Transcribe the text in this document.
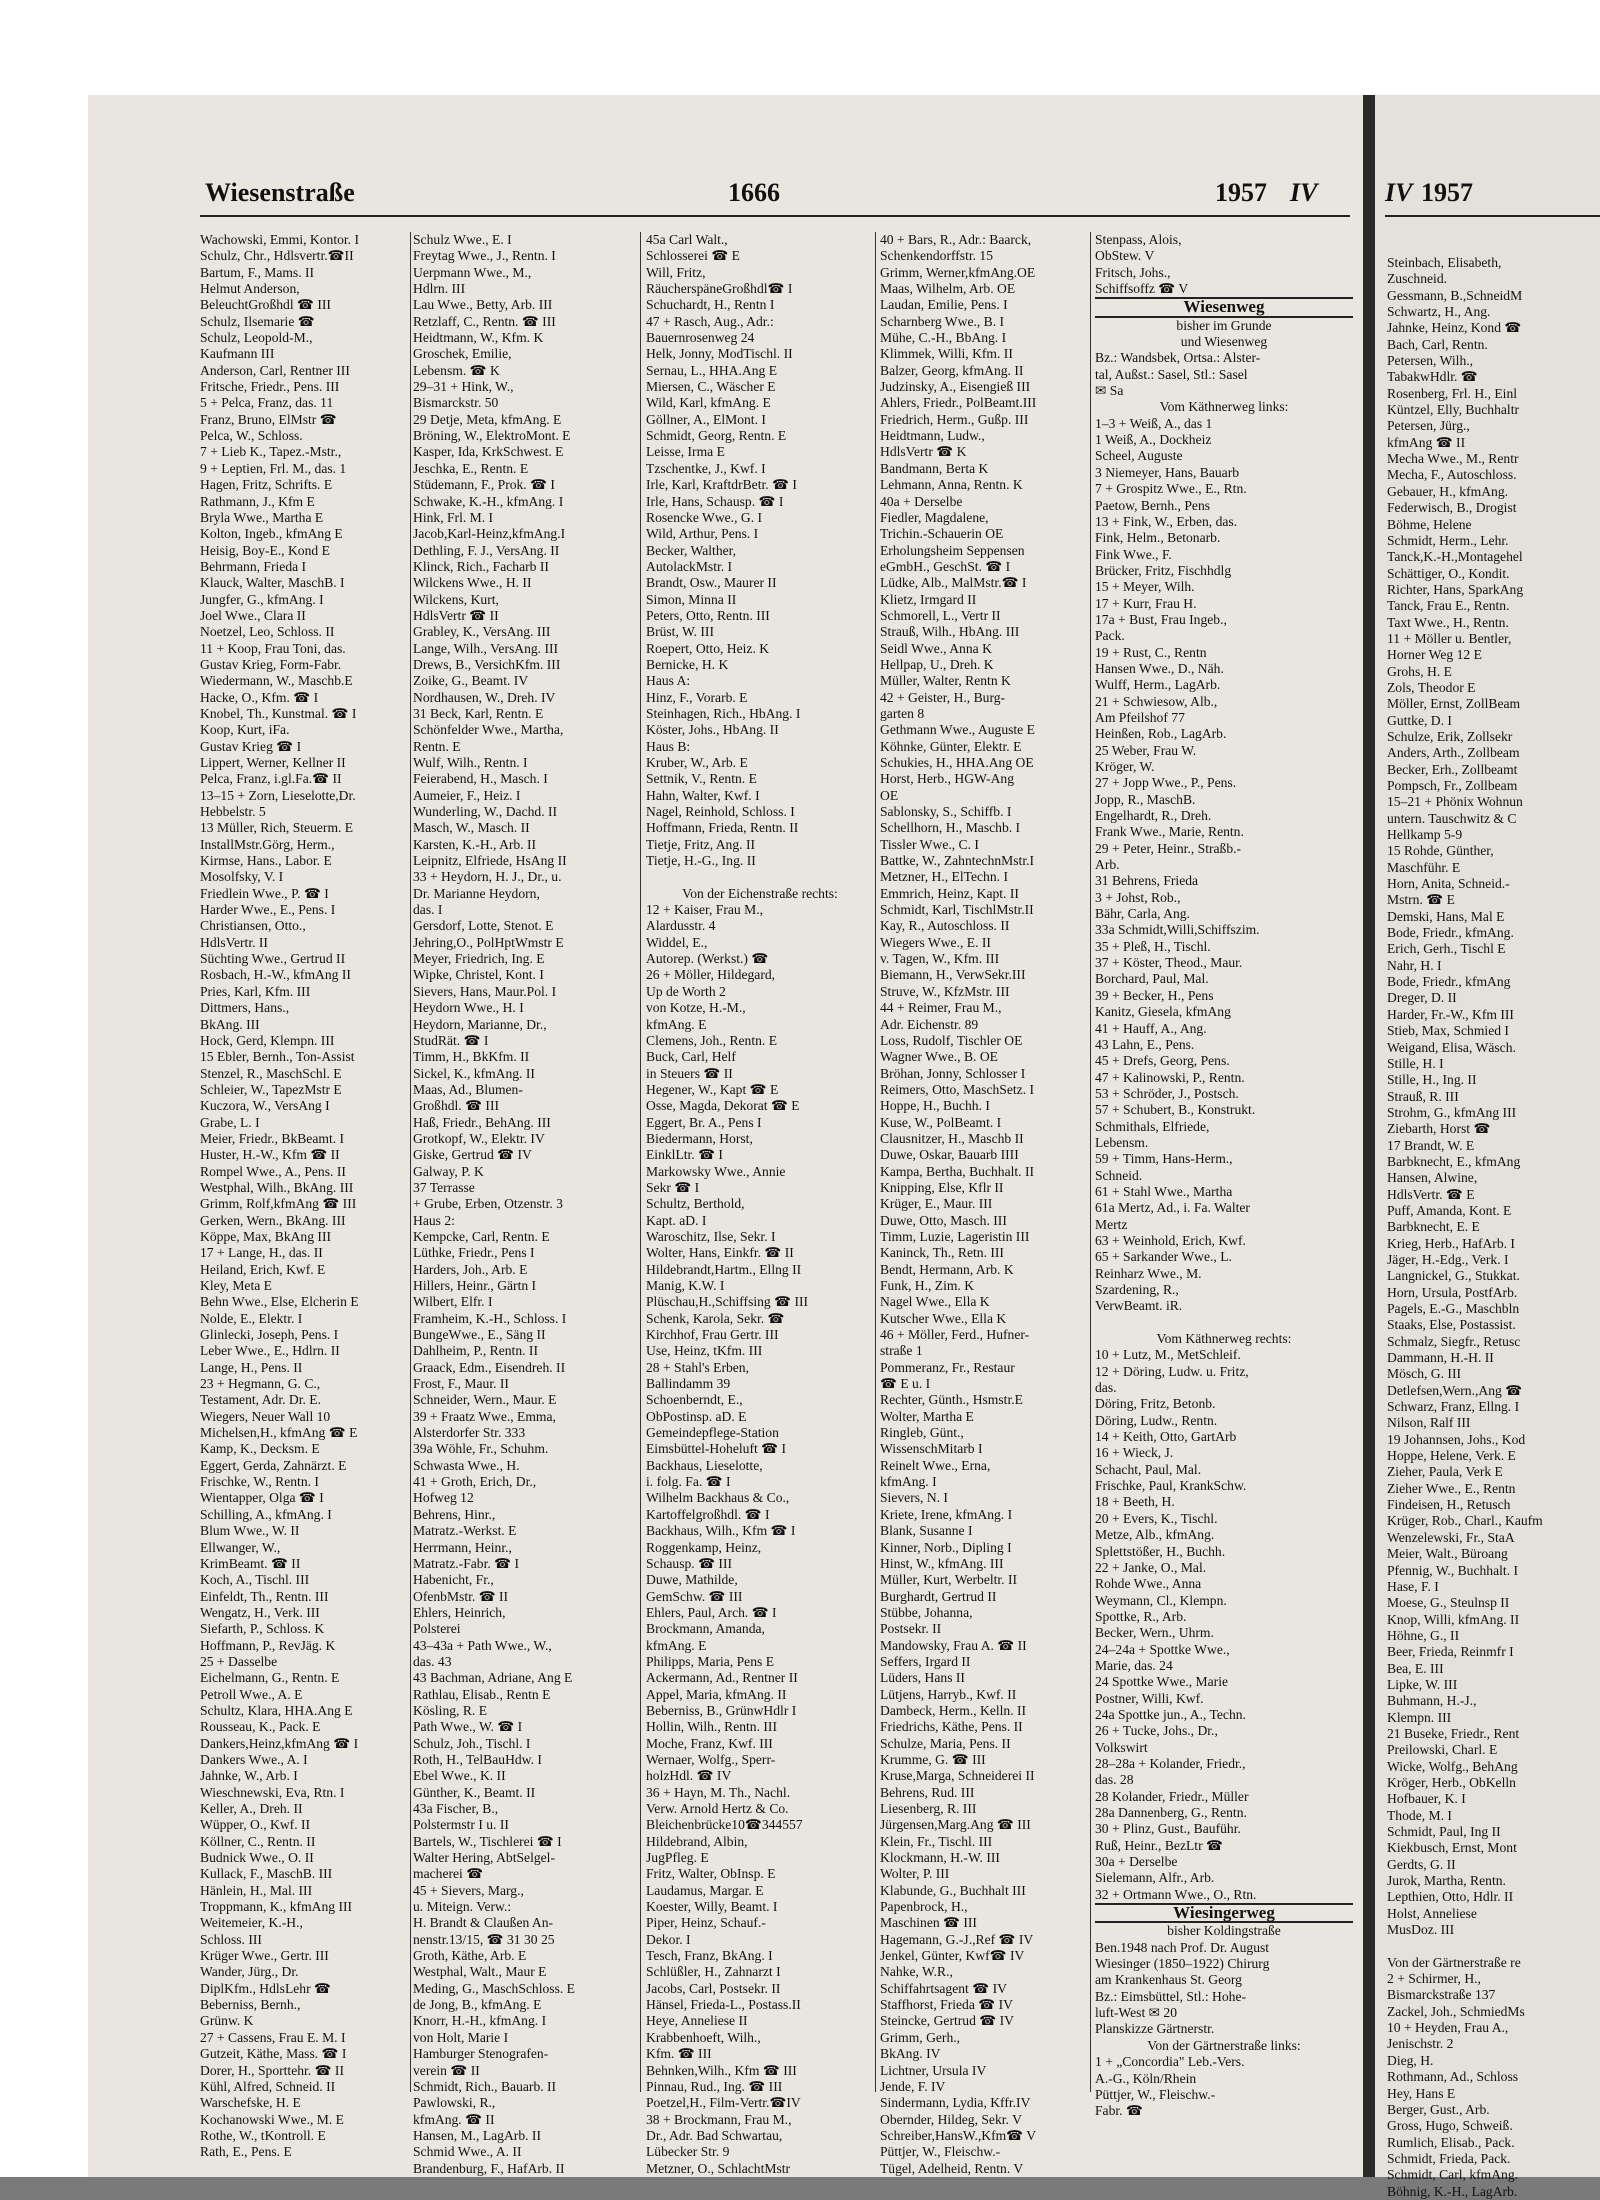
IV 1957
Steinbach, Elisabeth,
Zuschneid.
Gessmann, B.,SchneidM
Schwartz, H., Ang.
Jahnke, Heinz, Kond ☎
Bach, Carl, Rentn.
Petersen, Wilh.,
TabakwHdlr. ☎
Rosenberg, Frl. H., Einl
Küntzel, Elly, Buchhaltr
Petersen, Jürg.,
kfmAng ☎ II
Mecha Wwe., M., Rentr
Mecha, F., Autoschloss.
Gebauer, H., kfmAng.
Federwisch, B., Drogist
Böhme, Helene
Schmidt, Herm., Lehr.
Tanck,K.-H.,Montagehel
Schättiger, O., Kondit.
Richter, Hans, SparkAng
Tanck, Frau E., Rentn.
Taxt Wwe., H., Rentn.
11 + Möller u. Bentler,
Horner Weg 12 E
Grohs, H. E
Zols, Theodor E
Möller, Ernst, ZollBeam
Guttke, D. I
Schulze, Erik, Zollsekr
Anders, Arth., Zollbeam
Becker, Erh., Zollbeamt
Pompsch, Fr., Zollbeam
15–21 + Phönix Wohnun
untern. Tauschwitz & C
Hellkamp 5-9
15 Rohde, Günther,
Maschführ. E
Horn, Anita, Schneid.-
Mstrn. ☎ E
Demski, Hans, Mal E
Bode, Friedr., kfmAng.
Erich, Gerh., Tischl E
Nahr, H. I
Bode, Friedr., kfmAng
Dreger, D. II
Harder, Fr.-W., Kfm III
Stieb, Max, Schmied I
Weigand, Elisa, Wäsch.
Stille, H. I
Stille, H., Ing. II
Strauß, R. III
Strohm, G., kfmAng III
Ziebarth, Horst ☎
17 Brandt, W. E
Barbknecht, E., kfmAng
Hansen, Alwine,
HdlsVertr. ☎ E
Puff, Amanda, Kont. E
Barbknecht, E. E
Krieg, Herb., HafArb. I
Jäger, H.-Edg., Verk. I
Langnickel, G., Stukkat.
Horn, Ursula, PostfArb.
Pagels, E.-G., Maschbln
Staaks, Else, Postassist.
Schmalz, Siegfr., Retusc
Dammann, H.-H. II
Mösch, G. III
Detlefsen,Wern.,Ang ☎
Schwarz, Franz, Ellng. I
Nilson, Ralf III
19 Johannsen, Johs., Kod
Hoppe, Helene, Verk. E
Zieher, Paula, Verk E
Zieher Wwe., E., Rentn
Findeisen, H., Retusch
Krüger, Rob., Charl., Kaufm
Wenzelewski, Fr., StaA
Meier, Walt., Büroang
Pfennig, W., Buchhalt. I
Hase, F. I
Moese, G., Steulnsp II
Knop, Willi, kfmAng. II
Höhne, G., II
Beer, Frieda, Reinmfr I
Bea, E. III
Lipke, W. III
Buhmann, H.-J.,
Klempn. III
21 Buseke, Friedr., Rent
Preilowski, Charl. E
Wicke, Wolfg., BehAng
Kröger, Herb., ObKelln
Hofbauer, K. I
Thode, M. I
Schmidt, Paul, Ing II
Kiekbusch, Ernst, Mont
Gerdts, G. II
Jurok, Martha, Rentn.
Lepthien, Otto, Hdlr. II
Holst, Anneliese
MusDoz. III
Von der Gärtnerstraße re
2 + Schirmer, H.,
Bismarckstraße 137
Zackel, Joh., SchmiedMs
10 + Heyden, Frau A.,
Jenischstr. 2
Dieg, H.
Rothmann, Ad., Schloss
Hey, Hans E
Berger, Gust., Arb.
Gross, Hugo, Schweiß.
Rumlich, Elisab., Pack.
Schmidt, Frieda, Pack.
Schmidt, Carl, kfmAng.
Böhnig, K.-H., LagArb.
Wiesenstraße	1666	1957 IV
Wachowski, Emmi, Kontor. I
Schulz, Chr., Hdlsvertr.☎II
Bartum, F., Mams. II
Helmut Anderson,
BeleuchtGroßhdl ☎ III
Schulz, Ilsemarie ☎
Schulz, Leopold-M.,
Kaufmann III
Anderson, Carl, Rentner III
Fritsche, Friedr., Pens. III
5 + Pelca, Franz, das. 11
Franz, Bruno, ElMstr ☎
Pelca, W., Schloss.
7 + Lieb K., Tapez.-Mstr.,
9 + Leptien, Frl. M., das. 1
Hagen, Fritz, Schrifts. E
Rathmann, J., Kfm E
Bryla Wwe., Martha E
Kolton, Ingeb., kfmAng E
Heisig, Boy-E., Kond E
Behrmann, Frieda I
Klauck, Walter, MaschB. I
Jungfer, G., kfmAng. I
Joel Wwe., Clara II
Noetzel, Leo, Schloss. II
11 + Koop, Frau Toni, das.
Gustav Krieg, Form-Fabr.
Wiedermann, W., Maschb.E
Hacke, O., Kfm. ☎ I
Knobel, Th., Kunstmal. ☎ I
Koop, Kurt, iFa.
Gustav Krieg ☎ I
Lippert, Werner, Kellner II
Pelca, Franz, i.gl.Fa.☎ II
13–15 + Zorn, Lieselotte,Dr.
Hebbelstr. 5
13 Müller, Rich, Steuerm. E
InstallMstr.Görg, Herm.,
Kirmse, Hans., Labor. E
Mosolfsky, V. I
Friedlein Wwe., P. ☎ I
Harder Wwe., E., Pens. I
Christiansen, Otto.,
HdlsVertr. II
Süchting Wwe., Gertrud II
Rosbach, H.-W., kfmAng II
Pries, Karl, Kfm. III
Dittmers, Hans.,
BkAng. III
Hock, Gerd, Klempn. III
15 Ebler, Bernh., Ton-Assist
Stenzel, R., MaschSchl. E
Schleier, W., TapezMstr E
Kuczora, W., VersAng I
Grabe, L. I
Meier, Friedr., BkBeamt. I
Huster, H.-W., Kfm ☎ II
Rompel Wwe., A., Pens. II
Westphal, Wilh., BkAng. III
Grimm, Rolf,kfmAng ☎ III
Gerken, Wern., BkAng. III
Köppe, Max, BkAng III
17 + Lange, H., das. II
Heiland, Erich, Kwf. E
Kley, Meta E
Behn Wwe., Else, Elcherin E
Nolde, E., Elektr. I
Glinlecki, Joseph, Pens. I
Leber Wwe., E., Hdlrn. II
Lange, H., Pens. II
23 + Hegmann, G. C.,
Testament, Adr. Dr. E.
Wiegers, Neuer Wall 10
Michelsen,H., kfmAng ☎ E
Kamp, K., Decksm. E
Eggert, Gerda, Zahnärzt. E
Frischke, W., Rentn. I
Wientapper, Olga ☎ I
Schilling, A., kfmAng. I
Blum Wwe., W. II
Ellwanger, W.,
KrimBeamt. ☎ II
Koch, A., Tischl. III
Einfeldt, Th., Rentn. III
Wengatz, H., Verk. III
Siefarth, P., Schloss. K
Hoffmann, P., RevJäg. K
25 + Dasselbe
Eichelmann, G., Rentn. E
Petroll Wwe., A. E
Schultz, Klara, HHA.Ang E
Rousseau, K., Pack. E
Dankers,Heinz,kfmAng ☎ I
Dankers Wwe., A. I
Jahnke, W., Arb. I
Wieschnewski, Eva, Rtn. I
Keller, A., Dreh. II
Wüpper, O., Kwf. II
Köllner, C., Rentn. II
Budnick Wwe., O. II
Kullack, F., MaschB. III
Hänlein, H., Mal. III
Troppmann, K., kfmAng III
Weitemeier, K.-H.,
Schloss. III
Krüger Wwe., Gertr. III
Wander, Jürg., Dr.
DiplKfm., HdlsLehr ☎
Beberniss, Bernh.,
Grünw. K
27 + Cassens, Frau E. M. I
Gutzeit, Käthe, Mass. ☎ I
Dorer, H., Sporttehr. ☎ II
Kühl, Alfred, Schneid. II
Warschefske, H. E
Kochanowski Wwe., M. E
Rothe, W., tKontroll. E
Rath, E., Pens. E
Schulz Wwe., E. I
Freytag Wwe., J., Rentn. I
Uerpmann Wwe., M.,
Hdlrn. III
Lau Wwe., Betty, Arb. III
Retzlaff, C., Rentn. ☎ III
Heidtmann, W., Kfm. K
Groschek, Emilie,
Lebensm. ☎ K
29–31 + Hink, W.,
Bismarckstr. 50
29 Detje, Meta, kfmAng. E
Bröning, W., ElektroMont. E
Kasper, Ida, KrkSchwest. E
Jeschka, E., Rentn. E
Stüdemann, F., Prok. ☎ I
Schwake, K.-H., kfmAng. I
Hink, Frl. M. I
Jacob,Karl-Heinz,kfmAng.I
Dethling, F. J., VersAng. II
Klinck, Rich., Facharb II
Wilckens Wwe., H. II
Wilckens, Kurt,
HdlsVertr ☎ II
Grabley, K., VersAng. III
Lange, Wilh., VersAng. III
Drews, B., VersichKfm. III
Zoike, G., Beamt. IV
Nordhausen, W., Dreh. IV
31 Beck, Karl, Rentn. E
Schönfelder Wwe., Martha,
Rentn. E
Wulf, Wilh., Rentn. I
Feierabend, H., Masch. I
Aumeier, F., Heiz. I
Wunderling, W., Dachd. II
Masch, W., Masch. II
Karsten, K.-H., Arb. II
Leipnitz, Elfriede, HsAng II
33 + Heydorn, H. J., Dr., u.
Dr. Marianne Heydorn,
das. I
Gersdorf, Lotte, Stenot. E
Jehring,O., PolHptWmstr E
Meyer, Friedrich, Ing. E
Wipke, Christel, Kont. I
Sievers, Hans, Maur.Pol. I
Heydorn Wwe., H. I
Heydorn, Marianne, Dr.,
StudRät. ☎ I
Timm, H., BkKfm. II
Sickel, K., kfmAng. II
Maas, Ad., Blumen-
Großhdl. ☎ III
Haß, Friedr., BehAng. III
Grotkopf, W., Elektr. IV
Giske, Gertrud ☎ IV
Galway, P. K
37 Terrasse
+ Grube, Erben, Otzenstr. 3
Haus 2:
Kempcke, Carl, Rentn. E
Lüthke, Friedr., Pens I
Harders, Joh., Arb. E
Hillers, Heinr., Gärtn I
Wilbert, Elfr. I
Framheim, K.-H., Schloss. I
BungeWwe., E., Säng II
Dahlheim, P., Rentn. II
Graack, Edm., Eisendreh. II
Frost, F., Maur. II
Schneider, Wern., Maur. E
39 + Fraatz Wwe., Emma,
Alsterdorfer Str. 333
39a Wöhle, Fr., Schuhm.
Schwasta Wwe., H.
41 + Groth, Erich, Dr.,
Hofweg 12
Behrens, Hinr.,
Matratz.-Werkst. E
Herrmann, Heinr.,
Matratz.-Fabr. ☎ I
Habenicht, Fr.,
OfenbMstr. ☎ II
Ehlers, Heinrich,
Polsterei
43–43a + Path Wwe., W.,
das. 43
43 Bachman, Adriane, Ang E
Rathlau, Elisab., Rentn E
Kösling, R. E
Path Wwe., W. ☎ I
Schulz, Joh., Tischl. I
Roth, H., TelBauHdw. I
Ebel Wwe., K. II
Günther, K., Beamt. II
43a Fischer, B.,
Polstermstr I u. II
Bartels, W., Tischlerei ☎ I
Walter Hering, AbtSelgel-
macherei ☎
45 + Sievers, Marg.,
u. Miteign. Verw.:
H. Brandt & Claußen An-
nenstr.13/15, ☎ 31 30 25
Groth, Käthe, Arb. E
Westphal, Walt., Maur E
Meding, G., MaschSchloss. E
de Jong, B., kfmAng. E
Knorr, H.-H., kfmAng. I
von Holt, Marie I
Hamburger Stenografen-
verein ☎ II
Schmidt, Rich., Bauarb. II
Pawlowski, R.,
kfmAng. ☎ II
Hansen, M., LagArb. II
Schmid Wwe., A. II
Brandenburg, F., HafArb. II
45a Carl Walt.,
Schlosserei ☎ E
Will, Fritz,
RäucherspäneGroßhdl☎ I
Schuchardt, H., Rentn I
47 + Rasch, Aug., Adr.:
Bauernrosenweg 24
Helk, Jonny, ModTischl. II
Sernau, L., HHA.Ang E
Miersen, C., Wäscher E
Wild, Karl, kfmAng. E
Göllner, A., ElMont. I
Schmidt, Georg, Rentn. E
Leisse, Irma E
Tzschentke, J., Kwf. I
Irle, Karl, KraftdrBetr. ☎ I
Irle, Hans, Schausp. ☎ I
Rosencke Wwe., G. I
Wild, Arthur, Pens. I
Becker, Walther,
AutolackMstr. I
Brandt, Osw., Maurer II
Simon, Minna II
Peters, Otto, Rentn. III
Brüst, W. III
Roepert, Otto, Heiz. K
Bernicke, H. K
Haus A:
Hinz, F., Vorarb. E
Steinhagen, Rich., HbAng. I
Köster, Johs., HbAng. II
Haus B:
Kruber, W., Arb. E
Settnik, V., Rentn. E
Hahn, Walter, Kwf. I
Nagel, Reinhold, Schloss. I
Hoffmann, Frieda, Rentn. II
Tietje, Fritz, Ang. II
Tietje, H.-G., Ing. II
Von der Eichenstraße rechts:
12 + Kaiser, Frau M.,
Alardusstr. 4
Widdel, E.,
Autorep. (Werkst.) ☎
26 + Möller, Hildegard,
Up de Worth 2
von Kotze, H.-M.,
kfmAng. E
Clemens, Joh., Rentn. E
Buck, Carl, Helf
in Steuers ☎ II
Hegener, W., Kapt ☎ E
Osse, Magda, Dekorat ☎ E
Eggert, Br. A., Pens I
Biedermann, Horst,
EinklLtr. ☎ I
Markowsky Wwe., Annie
Sekr ☎ I
Schultz, Berthold,
Kapt. aD. I
Waroschitz, Ilse, Sekr. I
Wolter, Hans, Einkfr. ☎ II
Hildebrandt,Hartm., Ellng II
Manig, K.W. I
Plüschau,H.,Schiffsing ☎ III
Schenk, Karola, Sekr. ☎
Kirchhof, Frau Gertr. III
Use, Heinz, tKfm. III
28 + Stahl's Erben,
Ballindamm 39
Schoenberndt, E.,
ObPostinsp. aD. E
Gemeindepflege-Station
Eimsbüttel-Hoheluft ☎ I
Backhaus, Lieselotte,
i. folg. Fa. ☎ I
Wilhelm Backhaus & Co.,
Kartoffelgroßhdl. ☎ I
Backhaus, Wilh., Kfm ☎ I
Roggenkamp, Heinz,
Schausp. ☎ III
Duwe, Mathilde,
GemSchw. ☎ III
Ehlers, Paul, Arch. ☎ I
Brockmann, Amanda,
kfmAng. E
Philipps, Maria, Pens E
Ackermann, Ad., Rentner II
Appel, Maria, kfmAng. II
Beberniss, B., GrünwHdlr I
Hollin, Wilh., Rentn. III
Moche, Franz, Kwf. III
Wernaer, Wolfg., Sperr-
holzHdl. ☎ IV
36 + Hayn, M. Th., Nachl.
Verw. Arnold Hertz & Co.
Bleichenbrücke10☎344557
Hildebrand, Albin,
JugPfleg. E
Fritz, Walter, ObInsp. E
Laudamus, Margar. E
Koester, Willy, Beamt. I
Piper, Heinz, Schauf.-
Dekor. I
Tesch, Franz, BkAng. I
Schlüßler, H., Zahnarzt I
Jacobs, Carl, Postsekr. II
Hänsel, Frieda-L., Postass.II
Heye, Anneliese II
Krabbenhoeft, Wilh.,
Kfm. ☎ III
Behnken,Wilh., Kfm ☎ III
Pinnau, Rud., Ing. ☎ III
Poetzel,H., Film-Vertr.☎IV
38 + Brockmann, Frau M.,
Dr., Adr. Bad Schwartau,
Lübecker Str. 9
Metzner, O., SchlachtMstr
40 + Bars, R., Adr.: Baarck,
Schenkendorffstr. 15
Grimm, Werner,kfmAng.OE
Maas, Wilhelm, Arb. OE
Laudan, Emilie, Pens. I
Scharnberg Wwe., B. I
Mühe, C.-H., BbAng. I
Klimmek, Willi, Kfm. II
Balzer, Georg, kfmAng. II
Judzinsky, A., Eisengieß III
Ahlers, Friedr., PolBeamt.III
Friedrich, Herm., Gußp. III
Heidtmann, Ludw.,
HdlsVertr ☎ K
Bandmann, Berta K
Lehmann, Anna, Rentn. K
40a + Derselbe
Fiedler, Magdalene,
Trichin.-Schauerin OE
Erholungsheim Seppensen
eGmbH., GeschSt. ☎ I
Lüdke, Alb., MalMstr.☎ I
Klietz, Irmgard II
Schmorell, L., Vertr II
Strauß, Wilh., HbAng. III
Seidl Wwe., Anna K
Hellpap, U., Dreh. K
Müller, Walter, Rentn K
42 + Geister, H., Burg-
garten 8
Gethmann Wwe., Auguste E
Köhnke, Günter, Elektr. E
Schukies, H., HHA.Ang OE
Horst, Herb., HGW-Ang
OE
Sablonsky, S., Schiffb. I
Schellhorn, H., Maschb. I
Tissler Wwe., C. I
Battke, W., ZahntechnMstr.I
Metzner, H., ElTechn. I
Emmrich, Heinz, Kapt. II
Schmidt, Karl, TischlMstr.II
Kay, R., Autoschloss. II
Wiegers Wwe., E. II
v. Tagen, W., Kfm. III
Biemann, H., VerwSekr.III
Struve, W., KfzMstr. III
44 + Reimer, Frau M.,
Adr. Eichenstr. 89
Loss, Rudolf, Tischler OE
Wagner Wwe., B. OE
Bröhan, Jonny, Schlosser I
Reimers, Otto, MaschSetz. I
Hoppe, H., Buchh. I
Kuse, W., PolBeamt. I
Clausnitzer, H., Maschb II
Duwe, Oskar, Bauarb IIII
Kampa, Bertha, Buchhalt. II
Knipping, Else, Kflr II
Krüger, E., Maur. III
Duwe, Otto, Masch. III
Timm, Luzie, Lageristin III
Kaninck, Th., Retn. III
Bendt, Hermann, Arb. K
Funk, H., Zim. K
Nagel Wwe., Ella K
Kutscher Wwe., Ella K
46 + Möller, Ferd., Hufner-
straße 1
Pommeranz, Fr., Restaur
☎ E u. I
Rechter, Günth., Hsmstr.E
Wolter, Martha E
Ringleb, Günt.,
WissenschMitarb I
Reinelt Wwe., Erna,
kfmAng. I
Sievers, N. I
Kriete, Irene, kfmAng. I
Blank, Susanne I
Kinner, Norb., Dipling I
Hinst, W., kfmAng. III
Müller, Kurt, Werbeltr. II
Burghardt, Gertrud II
Stübbe, Johanna,
Postsekr. II
Mandowsky, Frau A. ☎ II
Seffers, Irgard II
Lüders, Hans II
Lütjens, Harryb., Kwf. II
Dambeck, Herm., Kelln. II
Friedrichs, Käthe, Pens. II
Schulze, Maria, Pens. II
Krumme, G. ☎ III
Kruse,Marga, Schneiderei II
Behrens, Rud. III
Liesenberg, R. III
Jürgensen,Marg.Ang ☎ III
Klein, Fr., Tischl. III
Klockmann, H.-W. III
Wolter, P. III
Klabunde, G., Buchhalt III
Papenbrock, H.,
Maschinen ☎ III
Hagemann, G.-J.,Ref ☎ IV
Jenkel, Günter, Kwf☎ IV
Nahke, W.R.,
Schiffahrtsagent ☎ IV
Staffhorst, Frieda ☎ IV
Steincke, Gertrud ☎ IV
Grimm, Gerh.,
BkAng. IV
Lichtner, Ursula IV
Jende, F. IV
Sindermann, Lydia, Kffr.IV
Obernder, Hildeg, Sekr. V
Schreiber,HansW.,Kfm☎ V
Püttjer, W., Fleischw.-
Tügel, Adelheid, Rentn. V
Stenpass, Alois,
ObStew. V
Fritsch, Johs.,
Schiffsoffz ☎ V
Wiesenweg
bisher im Grunde
und Wiesenweg
Bz.: Wandsbek, Ortsa.: Alster-
tal, Außst.: Sasel, Stl.: Sasel
✉ Sa
Vom Käthnerweg links:
1–3 + Weiß, A., das 1
1 Weiß, A., Dockheiz
Scheel, Auguste
3 Niemeyer, Hans, Bauarb
7 + Grospitz Wwe., E., Rtn.
Paetow, Bernh., Pens
13 + Fink, W., Erben, das.
Fink, Helm., Betonarb.
Fink Wwe., F.
Brücker, Fritz, Fischhdlg
15 + Meyer, Wilh.
17 + Kurr, Frau H.
17a + Bust, Frau Ingeb.,
Pack.
19 + Rust, C., Rentn
Hansen Wwe., D., Näh.
Wulff, Herm., LagArb.
21 + Schwiesow, Alb.,
Am Pfeilshof 77
Heinßen, Rob., LagArb.
25 Weber, Frau W.
Kröger, W.
27 + Jopp Wwe., P., Pens.
Jopp, R., MaschB.
Engelhardt, R., Dreh.
Frank Wwe., Marie, Rentn.
29 + Peter, Heinr., Straßb.-
Arb.
31 Behrens, Frieda
3 + Johst, Rob.,
Bähr, Carla, Ang.
33a Schmidt,Willi,Schiffszim.
35 + Pleß, H., Tischl.
37 + Köster, Theod., Maur.
Borchard, Paul, Mal.
39 + Becker, H., Pens
Kanitz, Giesela, kfmAng
41 + Hauff, A., Ang.
43 Lahn, E., Pens.
45 + Drefs, Georg, Pens.
47 + Kalinowski, P., Rentn.
53 + Schröder, J., Postsch.
57 + Schubert, B., Konstrukt.
Schmithals, Elfriede,
Lebensm.
59 + Timm, Hans-Herm.,
Schneid.
61 + Stahl Wwe., Martha
61a Mertz, Ad., i. Fa. Walter
Mertz
63 + Weinhold, Erich, Kwf.
65 + Sarkander Wwe., L.
Reinharz Wwe., M.
Szardening, R.,
VerwBeamt. iR.
Vom Käthnerweg rechts:
10 + Lutz, M., MetSchleif.
12 + Döring, Ludw. u. Fritz,
das.
Döring, Fritz, Betonb.
Döring, Ludw., Rentn.
14 + Keith, Otto, GartArb
16 + Wieck, J.
Schacht, Paul, Mal.
Frischke, Paul, KrankSchw.
18 + Beeth, H.
20 + Evers, K., Tischl.
Metze, Alb., kfmAng.
Splettstößer, H., Buchh.
22 + Janke, O., Mal.
Rohde Wwe., Anna
Weymann, Cl., Klempn.
Spottke, R., Arb.
Becker, Wern., Uhrm.
24–24a + Spottke Wwe.,
Marie, das. 24
24 Spottke Wwe., Marie
Postner, Willi, Kwf.
24a Spottke jun., A., Techn.
26 + Tucke, Johs., Dr.,
Volkswirt
28–28a + Kolander, Friedr.,
das. 28
28 Kolander, Friedr., Müller
28a Dannenberg, G., Rentn.
30 + Plinz, Gust., Bauführ.
Ruß, Heinr., BezLtr ☎
30a + Derselbe
Sielemann, Alfr., Arb.
32 + Ortmann Wwe., O., Rtn.
Wiesingerweg
bisher Koldingstraße
Ben.1948 nach Prof. Dr. August
Wiesinger (1850–1922) Chirurg
am Krankenhaus St. Georg
Bz.: Eimsbüttel, Stl.: Hohe-
luft-West ✉ 20
Planskizze Gärtnerstr.
Von der Gärtnerstraße links:
1 + „Concordia" Leb.-Vers.
A.-G., Köln/Rhein
Püttjer, W., Fleischw.-
Fabr. ☎
